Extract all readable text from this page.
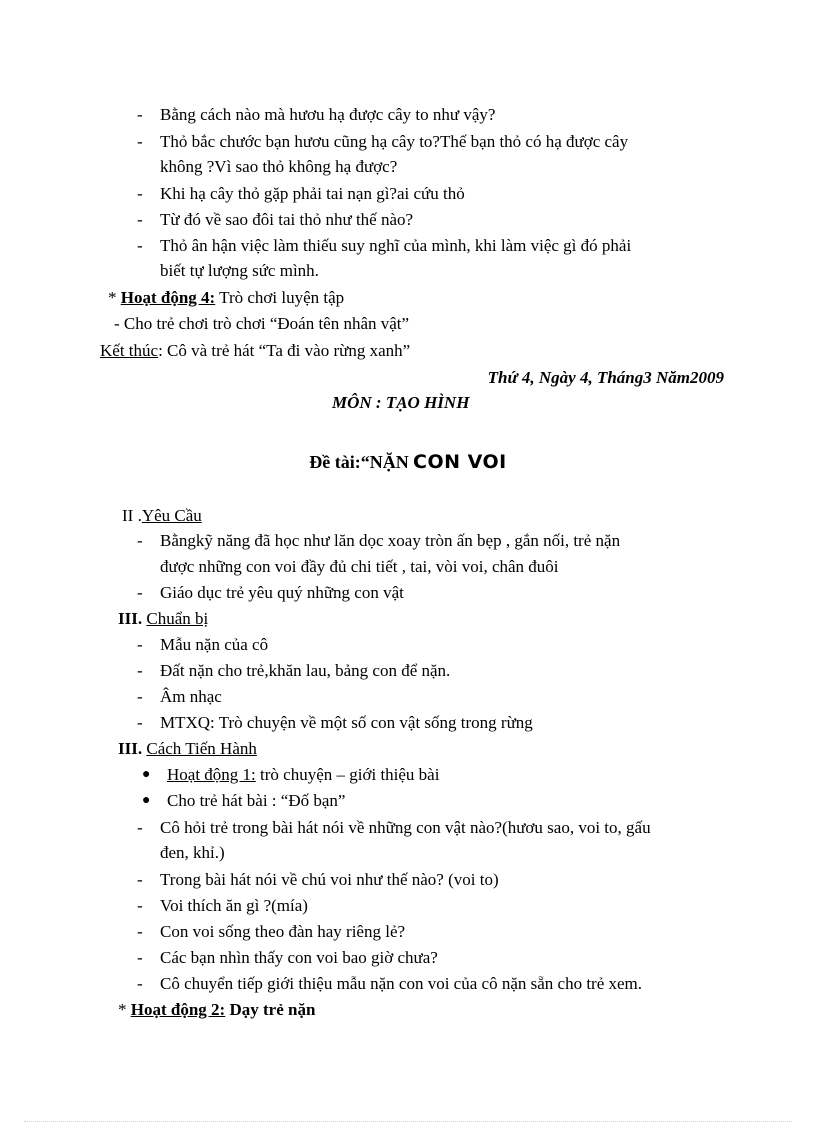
- Bằng cách nào mà hươu hạ được cây to như vậy?
- Thỏ bắc chước bạn hươu cũng hạ cây to?Thế bạn thỏ có hạ được cây
không ?Vì sao thỏ không hạ được?
- Khi hạ cây thỏ gặp phải tai nạn gì?ai cứu thỏ
- Từ đó về sao đôi tai thỏ như thế nào?
- Thỏ ân hận việc làm thiếu suy nghĩ của mình, khi làm việc gì đó phải
biết tự lượng sức mình.
* Hoạt động 4: Trò chơi luyện tập
- Cho trẻ chơi trò chơi “Đoán tên nhân vật”
Kết thúc: Cô và trẻ hát “Ta đi vào rừng xanh”
Thứ 4, Ngày 4, Tháng3 Năm2009
MÔN : TẠO HÌNH
Đề tài:“NẶN CON VOI
II .Yêu Cầu
- Bằngkỹ năng đã học như lăn dọc xoay tròn ấn bẹp , gắn nối, trẻ nặn
được những con voi đầy đủ chi tiết , tai, vòi voi, chân đuôi
- Giáo dục trẻ yêu quý những con vật
III. Chuẩn bị
- Mẫu nặn của cô
- Đất nặn cho trẻ,khăn lau, bảng con để nặn.
- Âm nhạc
- MTXQ: Trò chuyện về một số con vật sống trong rừng
III. Cách Tiến Hành
● Hoạt động 1: trò chuyện – giới thiệu bài
● Cho trẻ hát bài : “Đố bạn”
- Cô hỏi trẻ trong bài hát nói về những con vật nào?(hươu sao, voi to, gấu
đen, khỉ.)
- Trong bài hát nói về chú voi như thế nào? (voi to)
- Voi thích ăn gì ?(mía)
- Con voi sống theo đàn hay riêng lẻ?
- Các bạn nhìn thấy con voi bao giờ chưa?
- Cô chuyển tiếp giới thiệu mẫu nặn con voi của cô nặn sẵn cho trẻ xem.
* Hoạt động 2: Dạy trẻ nặn
